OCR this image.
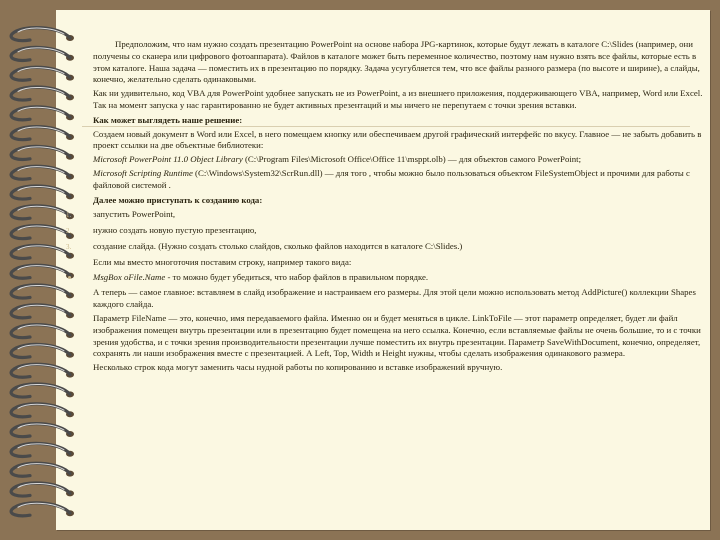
Предположим, что нам нужно создать презентацию PowerPoint на основе набора JPG-картинок, которые будут лежать в каталоге C:\Slides (например, они получены со сканера или цифрового фотоаппарата). Файлов в каталоге может быть переменное количество, поэтому нам нужно взять все файлы, которые есть в этом каталоге. Наша задача — поместить их в презентацию по порядку. Задача усугубляется тем, что все файлы разного размера (по высоте и ширине), а слайды, конечно, желательно сделать одинаковыми.

Как ни удивительно, код VBA для PowerPoint удобнее запускать не из PowerPoint, а из внешнего приложения, поддерживающего VBA, например, Word или Excel. Так на момент запуска у нас гарантированно не будет активных презентаций и мы ничего не перепутаем с точки зрения вставки.

Как может выглядеть наше решение:

Создаем новый документ в Word или Excel, в него помещаем кнопку или обеспечиваем другой графический интерфейс по вкусу. Главное — не забыть добавить в проект ссылки на две объектные библиотеки:

Microsoft PowerPoint 11.0 Object Library (C:\Program Files\Microsoft Office\Office 11\msppt.olb) — для объектов самого PowerPoint;

Microsoft Scripting Runtime (C:\Windows\System32\ScrRun.dll) — для того , чтобы можно было пользоваться объектом FileSystemObject и прочими для работы с файловой системой .

Далее можно приступать к созданию кода:

1. запустить PowerPoint,
2. нужно создать новую пустую презентацию,
3. создание слайда. (Нужно создать столько слайдов, сколько файлов находится в каталоге C:\Slides.)

Если мы вместо многоточия поставим строку, например такого вида:

MsgBox oFile.Name - то можно будет убедиться, что набор файлов в правильном порядке.

А теперь — самое главное: вставляем в слайд изображение и настраиваем его размеры. Для этой цели можно использовать метод AddPicture() коллекции Shapes каждого слайда.

Параметр FileName — это, конечно, имя передаваемого файла. Именно он и будет меняться в цикле. LinkToFile — этот параметр определяет, будет ли файл изображения помещен внутрь презентации или в презентацию будет помещена на него ссылка. Конечно, если вставляемые файлы не очень большие, то и с точки зрения удобства, и с точки зрения производительности презентации лучше поместить их внутрь презентации. Параметр SaveWithDocument, конечно, определяет, сохранять ли наши изображения вместе с презентацией. А Left, Top, Width и Height нужны, чтобы сделать изображения одинакового размера.

Несколько строк кода могут заменить часы нудной работы по копированию и вставке изображений вручную.
